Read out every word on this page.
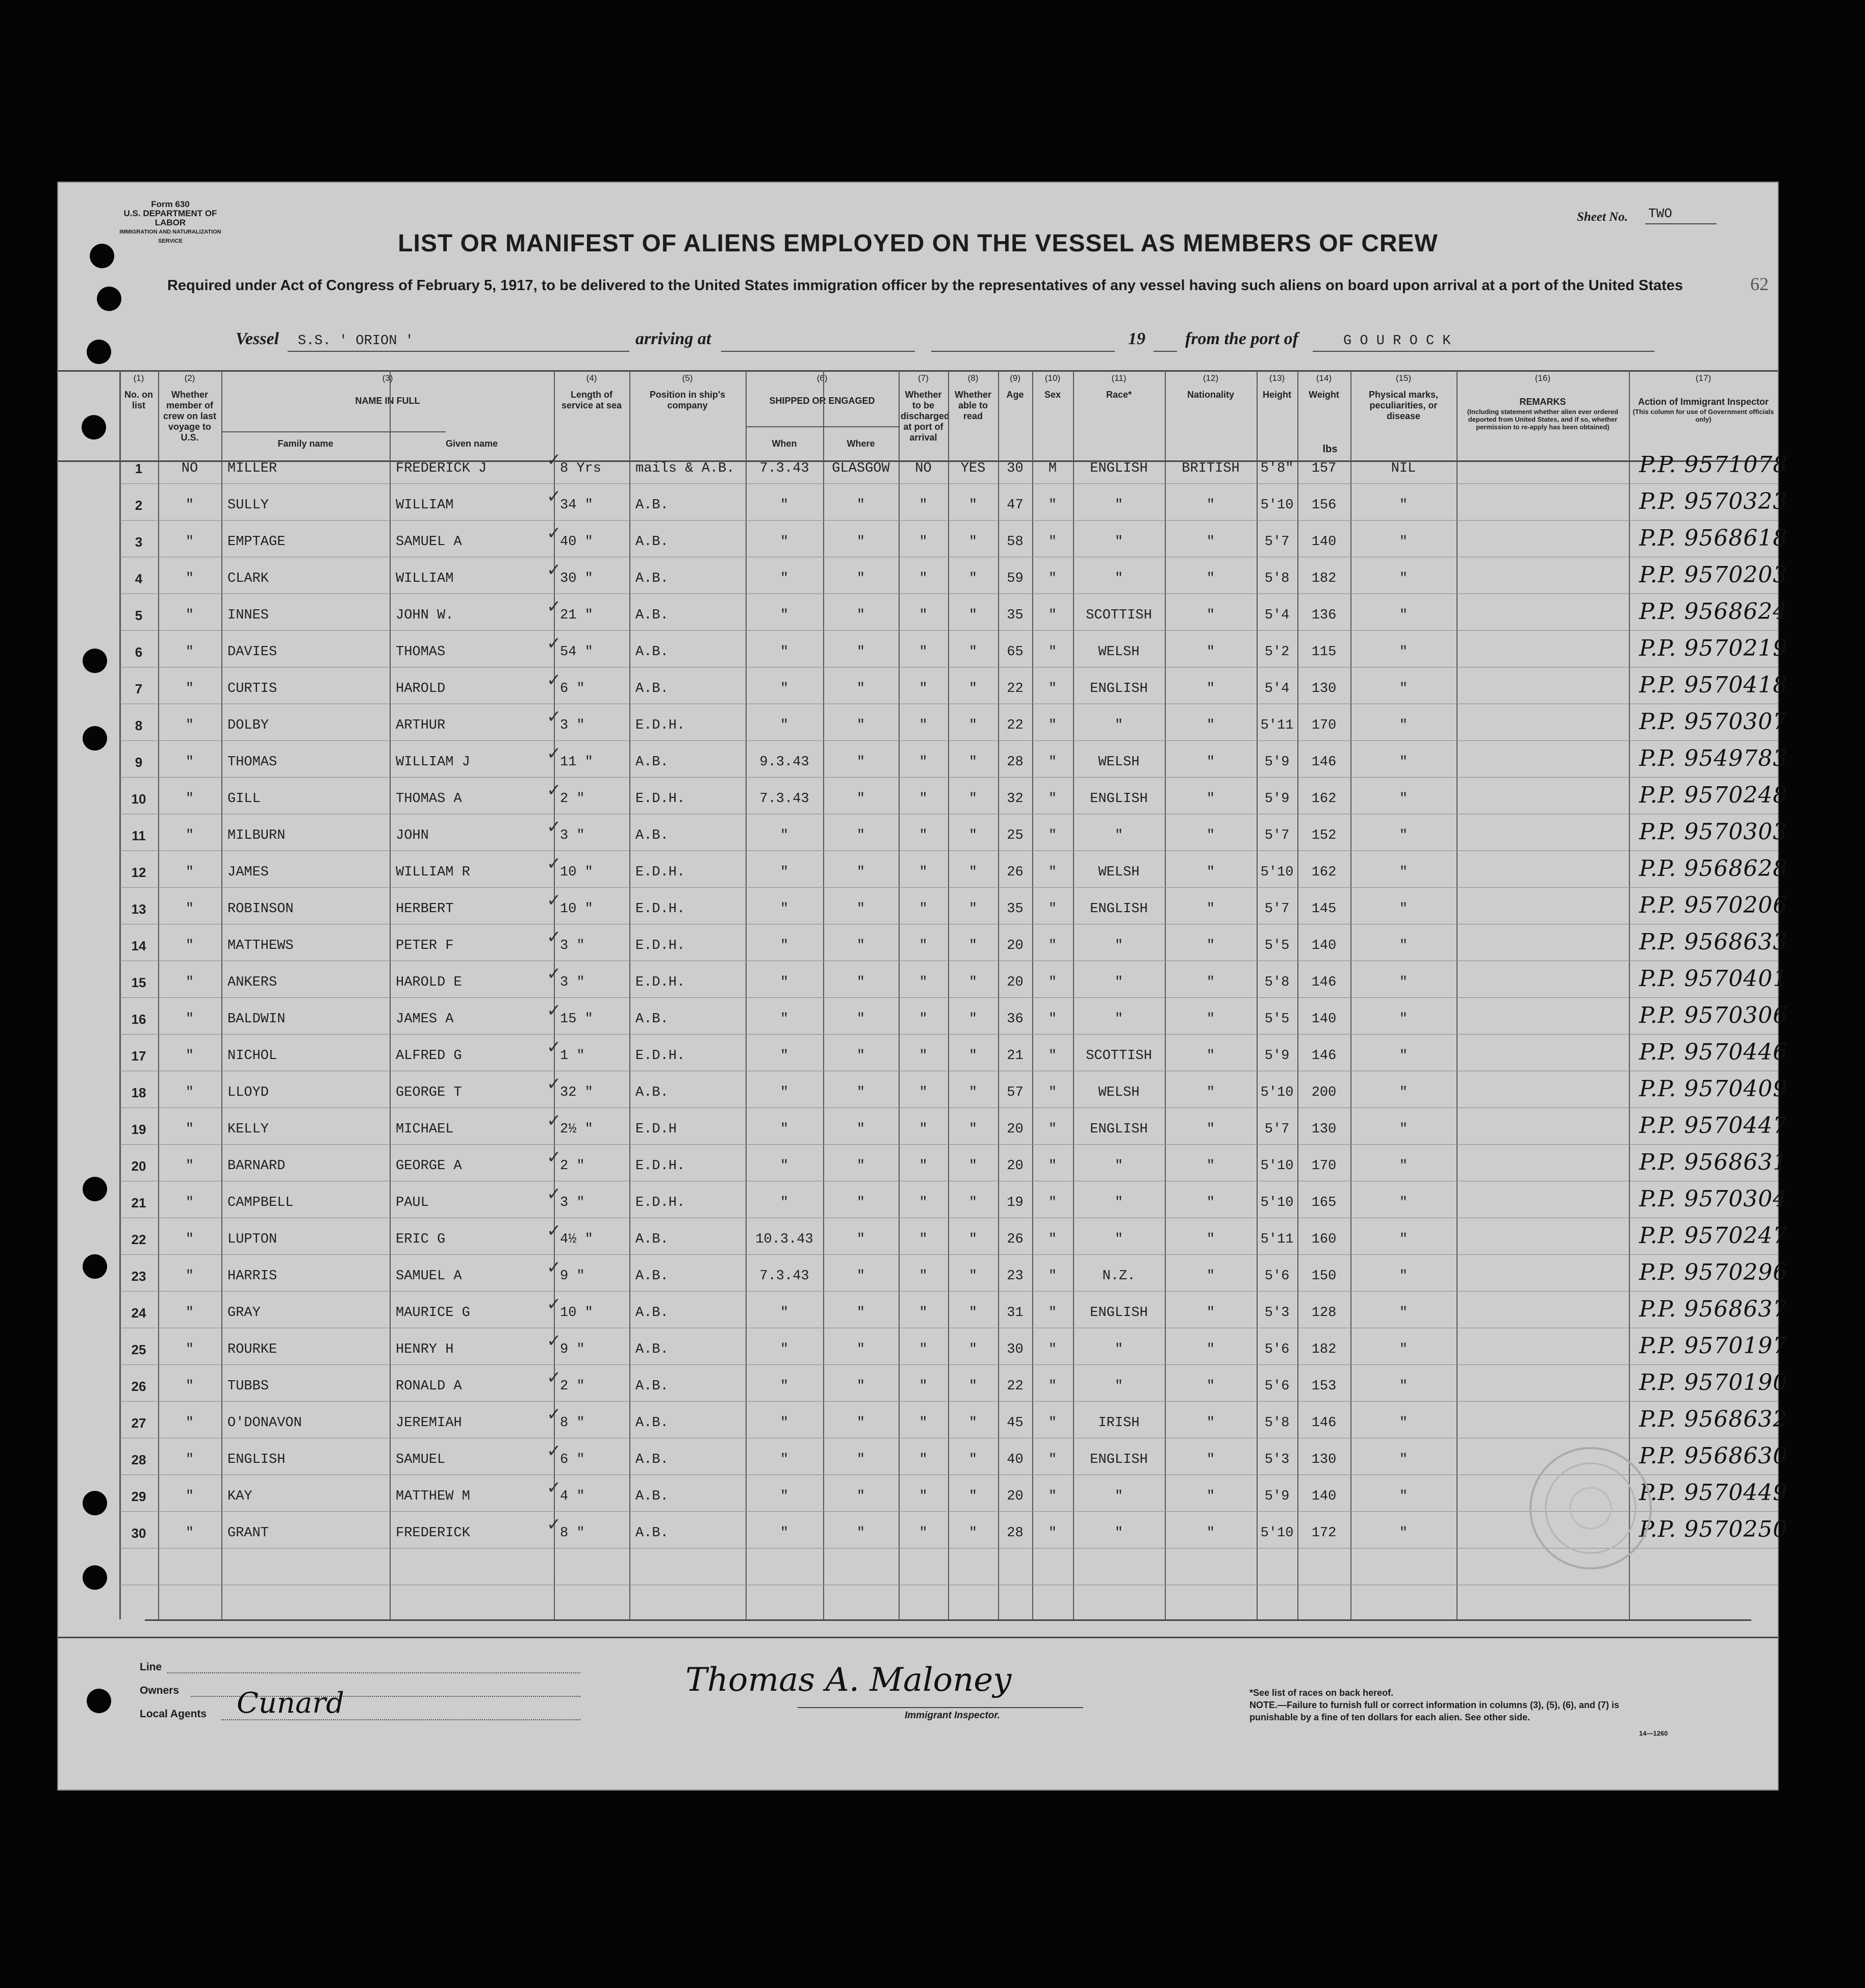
Form 630
U.S. DEPARTMENT OF LABOR
IMMIGRATION AND NATURALIZATION SERVICE
Sheet No. TWO
62
LIST OR MANIFEST OF ALIENS EMPLOYED ON THE VESSEL AS MEMBERS OF CREW
Required under Act of Congress of February 5, 1917, to be delivered to the United States immigration officer by the representatives of any vessel having such aliens on board upon arrival at a port of the United States
Vessel S.S. ' ORION '	arriving at	19 from the port of	G O U R O C K
(1)
No. on list
(2)
Whether member of crew on last voyage to U.S.
(3)
NAME IN FULL
Family name	Given name
(4)
Length of service at sea
(5)
Position in ship's company
(6)
SHIPPED OR ENGAGED
When	Where
(7)
Whether to be discharged at port of arrival
(8)
Whether able to read
(9)
Age
(10)
Sex
(11)
Race*
(12)
Nationality
(13)
Height
(14)
Weight
(15)
Physical marks, peculiarities, or disease
(16)
REMARKS
(Including statement whether alien ever ordered deported from United States, and if so, whether permission to re-apply has been obtained)
(17)
Action of Immigrant Inspector
(This column for use of Government officials only)
lbs
1	NO	MILLER	FREDERICK J	8 Yrs	mails & A.B.	7.3.43	GLASGOW	NO	YES	30	M	ENGLISH	BRITISH	5'8"	157	NIL	P.P. 9571078
✓
2	"	SULLY	WILLIAM	34 "	A.B.	"	"	"	"	47	"	"	"	5'10	156	"	P.P. 9570323
✓
3	"	EMPTAGE	SAMUEL A	40 "	A.B.	"	"	"	"	58	"	"	"	5'7	140	"	P.P. 9568618
✓
4	"	CLARK	WILLIAM	30 "	A.B.	"	"	"	"	59	"	"	"	5'8	182	"	P.P. 9570203
✓
5	"	INNES	JOHN W.	21 "	A.B.	"	"	"	"	35	"	SCOTTISH	"	5'4	136	"	P.P. 9568624
✓
6	"	DAVIES	THOMAS	54 "	A.B.	"	"	"	"	65	"	WELSH	"	5'2	115	"	P.P. 9570219
✓
7	"	CURTIS	HAROLD	6 "	A.B.	"	"	"	"	22	"	ENGLISH	"	5'4	130	"	P.P. 9570418
✓
8	"	DOLBY	ARTHUR	3 "	E.D.H.	"	"	"	"	22	"	"	"	5'11	170	"	P.P. 9570307
✓
9	"	THOMAS	WILLIAM J	11 "	A.B.	9.3.43	"	"	"	28	"	WELSH	"	5'9	146	"	P.P. 9549783
✓
10	"	GILL	THOMAS A	2 "	E.D.H.	7.3.43	"	"	"	32	"	ENGLISH	"	5'9	162	"	P.P. 9570248
✓
11	"	MILBURN	JOHN	3 "	A.B.	"	"	"	"	25	"	"	"	5'7	152	"	P.P. 9570303
✓
12	"	JAMES	WILLIAM R	10 "	E.D.H.	"	"	"	"	26	"	WELSH	"	5'10	162	"	P.P. 9568628
✓
13	"	ROBINSON	HERBERT	10 "	E.D.H.	"	"	"	"	35	"	ENGLISH	"	5'7	145	"	P.P. 9570206
✓
14	"	MATTHEWS	PETER F	3 "	E.D.H.	"	"	"	"	20	"	"	"	5'5	140	"	P.P. 9568633
✓
15	"	ANKERS	HAROLD E	3 "	E.D.H.	"	"	"	"	20	"	"	"	5'8	146	"	P.P. 9570401
✓
16	"	BALDWIN	JAMES A	15 "	A.B.	"	"	"	"	36	"	"	"	5'5	140	"	P.P. 9570306
✓
17	"	NICHOL	ALFRED G	1 "	E.D.H.	"	"	"	"	21	"	SCOTTISH	"	5'9	146	"	P.P. 9570446
✓
18	"	LLOYD	GEORGE T	32 "	A.B.	"	"	"	"	57	"	WELSH	"	5'10	200	"	P.P. 9570409
✓
19	"	KELLY	MICHAEL	2½ "	E.D.H	"	"	"	"	20	"	ENGLISH	"	5'7	130	"	P.P. 9570447
✓
20	"	BARNARD	GEORGE A	2 "	E.D.H.	"	"	"	"	20	"	"	"	5'10	170	"	P.P. 9568631
✓
21	"	CAMPBELL	PAUL	3 "	E.D.H.	"	"	"	"	19	"	"	"	5'10	165	"	P.P. 9570304
✓
22	"	LUPTON	ERIC G	4½ "	A.B.	10.3.43	"	"	"	26	"	"	"	5'11	160	"	P.P. 9570247
✓
23	"	HARRIS	SAMUEL A	9 "	A.B.	7.3.43	"	"	"	23	"	N.Z.	"	5'6	150	"	P.P. 9570296
✓
24	"	GRAY	MAURICE G	10 "	A.B.	"	"	"	"	31	"	ENGLISH	"	5'3	128	"	P.P. 9568637
✓
25	"	ROURKE	HENRY H	9 "	A.B.	"	"	"	"	30	"	"	"	5'6	182	"	P.P. 9570197
✓
26	"	TUBBS	RONALD A	2 "	A.B.	"	"	"	"	22	"	"	"	5'6	153	"	P.P. 9570190
✓
27	"	O'DONAVON	JEREMIAH	8 "	A.B.	"	"	"	"	45	"	IRISH	"	5'8	146	"	P.P. 9568632
✓
28	"	ENGLISH	SAMUEL	6 "	A.B.	"	"	"	"	40	"	ENGLISH	"	5'3	130	"	P.P. 9568630
✓
29	"	KAY	MATTHEW M	4 "	A.B.	"	"	"	"	20	"	"	"	5'9	140	"	P.P. 9570449
✓
30	"	GRANT	FREDERICK	8 "	A.B.	"	"	"	"	28	"	"	"	5'10	172	"	P.P. 9570250
✓
Line
Owners
Local Agents Cunard
Thomas A. Maloney
Immigrant Inspector.
*See list of races on back hereof.
NOTE.—Failure to furnish full or correct information in columns (3), (5), (6), and (7) is punishable by a fine of ten dollars for each alien. See other side.
14—1260
